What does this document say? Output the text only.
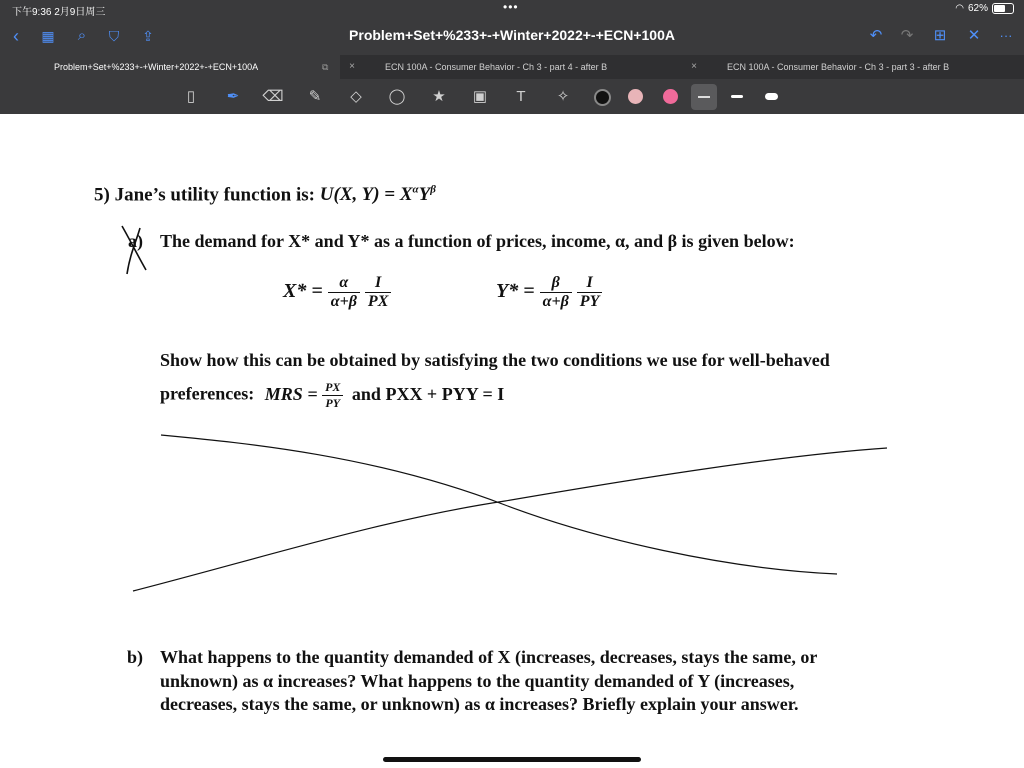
下午9:36 2月9日周三	•••	◠ 62%
‹	▦	⌕	⛉	⇪	Problem+Set+%233+-+Winter+2022+-+ECN+100A	↶ ↷ ⊞ ✕ ···
Problem+Set+%233+-+Winter+2022+-+ECN+100A	⧉	×	ECN 100A - Consumer Behavior - Ch 3 - part 4 - after B	×	ECN 100A - Consumer Behavior - Ch 3 - part 3 - after B
▯	✒	⌫	✎	◇	◯ ★ ▣	T	✧
5) Jane’s utility function is: U(X, $Y) = X^\alpha Y^\beta$
a) The demand for X* and Y* as a function of prices, income, α, and β is given below:
$X* = \frac{\alpha}{\alpha+\beta}$
$\frac{I}{PX}$	$Y* = \frac{\beta}{\alpha+\beta}$
$\frac{I}{PY}$
Show how this can be obtained by satisfying the two conditions we use for well-behaved
preferences: MRS = $\frac{PX}{PY}$ and PXX + PYY = I
b) What happens to the quantity demanded of X (increases, decreases, stays the same, or
unknown) as α increases? What happens to the quantity demanded of Y (increases,
decreases, stays the same, or unknown) as α increases? Briefly explain your answer.
